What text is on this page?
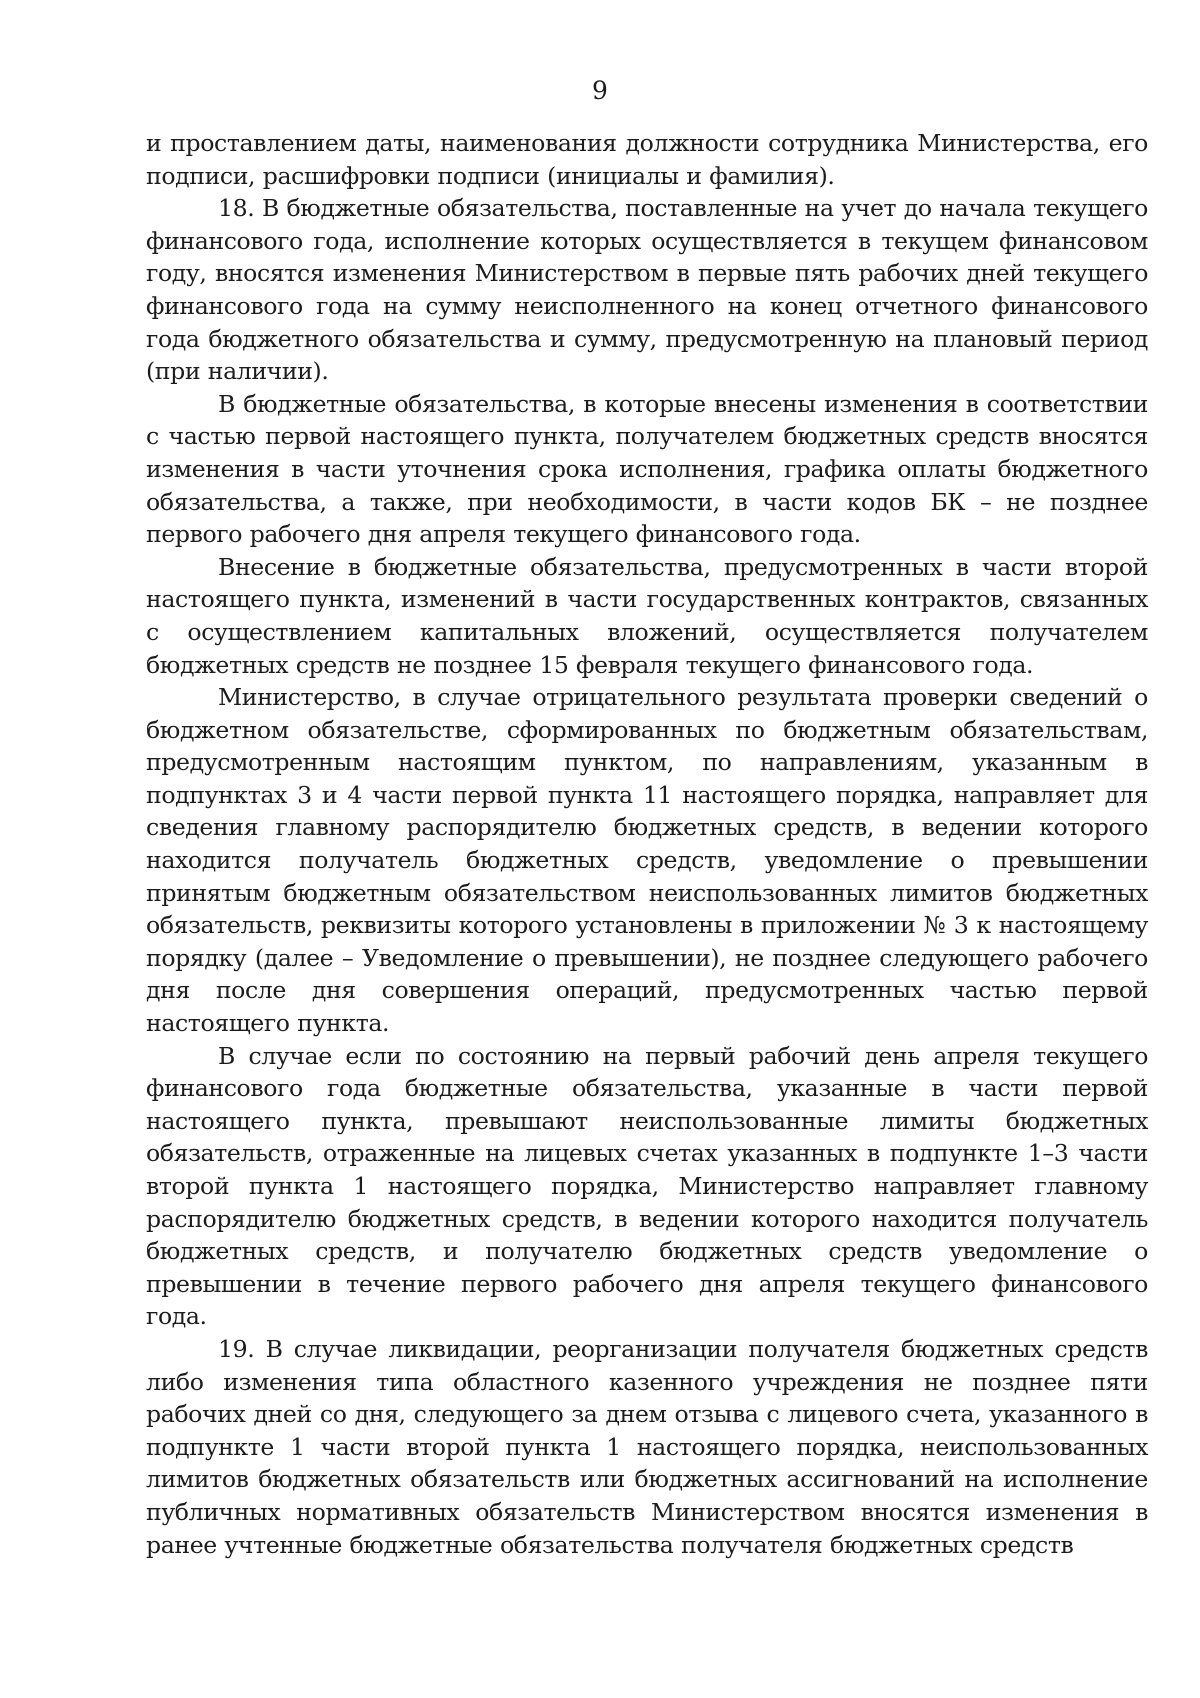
9

и проставлением даты, наименования должности сотрудника Министерства, его подписи, расшифровки подписи (инициалы и фамилия).

18. В бюджетные обязательства, поставленные на учет до начала текущего финансового года, исполнение которых осуществляется в текущем финансовом году, вносятся изменения Министерством в первые пять рабочих дней текущего финансового года на сумму неисполненного на конец отчетного финансового года бюджетного обязательства и сумму, предусмотренную на плановый период (при наличии).

В бюджетные обязательства, в которые внесены изменения в соответствии с частью первой настоящего пункта, получателем бюджетных средств вносятся изменения в части уточнения срока исполнения, графика оплаты бюджетного обязательства, а также, при необходимости, в части кодов БК – не позднее первого рабочего дня апреля текущего финансового года.

Внесение в бюджетные обязательства, предусмотренных в части второй настоящего пункта, изменений в части государственных контрактов, связанных с осуществлением капитальных вложений, осуществляется получателем бюджетных средств не позднее 15 февраля текущего финансового года.

Министерство, в случае отрицательного результата проверки сведений о бюджетном обязательстве, сформированных по бюджетным обязательствам, предусмотренным настоящим пунктом, по направлениям, указанным в подпунктах 3 и 4 части первой пункта 11 настоящего порядка, направляет для сведения главному распорядителю бюджетных средств, в ведении которого находится получатель бюджетных средств, уведомление о превышении принятым бюджетным обязательством неиспользованных лимитов бюджетных обязательств, реквизиты которого установлены в приложении № 3 к настоящему порядку (далее – Уведомление о превышении), не позднее следующего рабочего дня после дня совершения операций, предусмотренных частью первой настоящего пункта.

В случае если по состоянию на первый рабочий день апреля текущего финансового года бюджетные обязательства, указанные в части первой настоящего пункта, превышают неиспользованные лимиты бюджетных обязательств, отраженные на лицевых счетах указанных в подпункте 1–3 части второй пункта 1 настоящего порядка, Министерство направляет главному распорядителю бюджетных средств, в ведении которого находится получатель бюджетных средств, и получателю бюджетных средств уведомление о превышении в течение первого рабочего дня апреля текущего финансового года.

19. В случае ликвидации, реорганизации получателя бюджетных средств либо изменения типа областного казенного учреждения не позднее пяти рабочих дней со дня, следующего за днем отзыва с лицевого счета, указанного в подпункте 1 части второй пункта 1 настоящего порядка, неиспользованных лимитов бюджетных обязательств или бюджетных ассигнований на исполнение публичных нормативных обязательств Министерством вносятся изменения в ранее учтенные бюджетные обязательства получателя бюджетных средств
